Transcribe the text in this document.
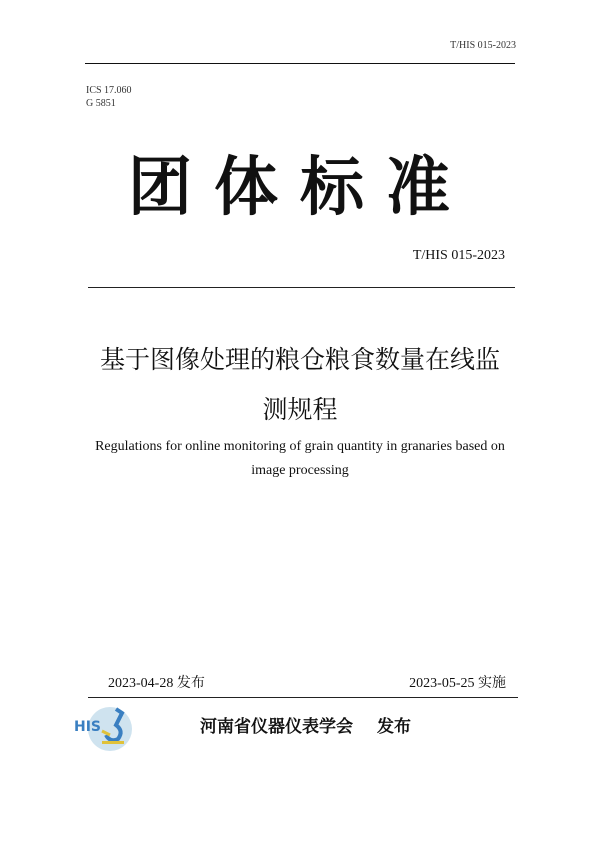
T/HIS 015-2023
ICS 17.060
G 5851
团体标准
T/HIS 015-2023
基于图像处理的粮仓粮食数量在线监
测规程
Regulations for online monitoring of grain quantity in granaries based on
image processing
2023-04-28 发布	2023-05-25 实施
HIS	河南省仪器仪表学会 发布
